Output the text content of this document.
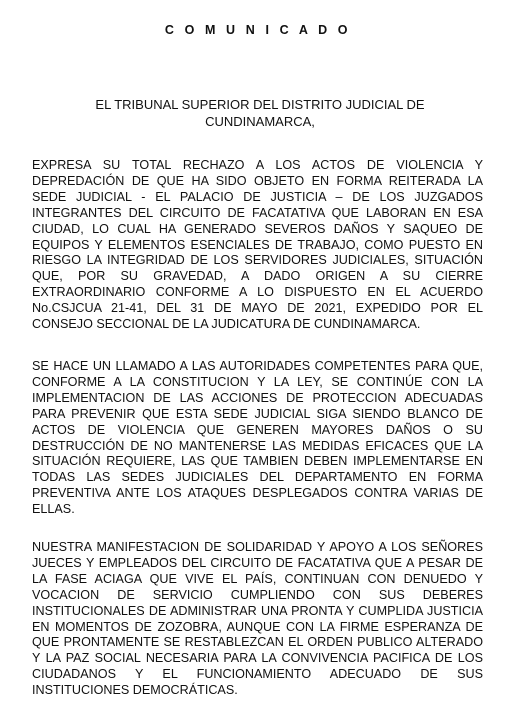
C O M U N I C A D O
EL TRIBUNAL SUPERIOR DEL DISTRITO JUDICIAL DE CUNDINAMARCA,
EXPRESA SU TOTAL RECHAZO A LOS ACTOS DE VIOLENCIA Y DEPREDACIÓN DE QUE HA SIDO OBJETO EN FORMA REITERADA LA SEDE JUDICIAL - EL PALACIO DE JUSTICIA – DE LOS JUZGADOS INTEGRANTES DEL CIRCUITO DE FACATATIVA QUE LABORAN EN ESA CIUDAD, LO CUAL HA GENERADO SEVEROS DAÑOS Y SAQUEO DE EQUIPOS Y ELEMENTOS ESENCIALES DE TRABAJO, COMO PUESTO EN RIESGO LA INTEGRIDAD DE LOS SERVIDORES JUDICIALES, SITUACIÓN QUE, POR SU GRAVEDAD, A DADO ORIGEN A SU CIERRE EXTRAORDINARIO CONFORME A LO DISPUESTO EN EL ACUERDO No.CSJCUA 21-41, DEL 31 DE MAYO DE 2021, EXPEDIDO POR EL CONSEJO SECCIONAL DE LA JUDICATURA DE CUNDINAMARCA.
SE HACE UN LLAMADO A LAS AUTORIDADES COMPETENTES PARA QUE, CONFORME A LA CONSTITUCION Y LA LEY, SE CONTINÚE CON LA IMPLEMENTACION DE LAS ACCIONES DE PROTECCION ADECUADAS PARA PREVENIR QUE ESTA SEDE JUDICIAL SIGA SIENDO BLANCO DE ACTOS DE VIOLENCIA QUE GENEREN MAYORES DAÑOS O SU DESTRUCCIÓN DE NO MANTENERSE LAS MEDIDAS EFICACES QUE LA SITUACIÓN REQUIERE, LAS QUE TAMBIEN DEBEN IMPLEMENTARSE EN TODAS LAS SEDES JUDICIALES DEL DEPARTAMENTO EN FORMA PREVENTIVA ANTE LOS ATAQUES DESPLEGADOS CONTRA VARIAS DE ELLAS.
NUESTRA MANIFESTACION DE SOLIDARIDAD Y APOYO A LOS SEÑORES JUECES Y EMPLEADOS DEL CIRCUITO DE FACATATIVA QUE A PESAR DE LA FASE ACIAGA QUE VIVE EL PAÍS, CONTINUAN CON DENUEDO Y VOCACION DE SERVICIO CUMPLIENDO CON SUS DEBERES INSTITUCIONALES DE ADMINISTRAR UNA PRONTA Y CUMPLIDA JUSTICIA EN MOMENTOS DE ZOZOBRA, AUNQUE CON LA FIRME ESPERANZA DE QUE PRONTAMENTE SE RESTABLEZCAN EL ORDEN PUBLICO ALTERADO Y LA PAZ SOCIAL NECESARIA PARA LA CONVIVENCIA PACIFICA DE LOS CIUDADANOS Y EL FUNCIONAMIENTO ADECUADO DE SUS INSTITUCIONES DEMOCRÁTICAS.
